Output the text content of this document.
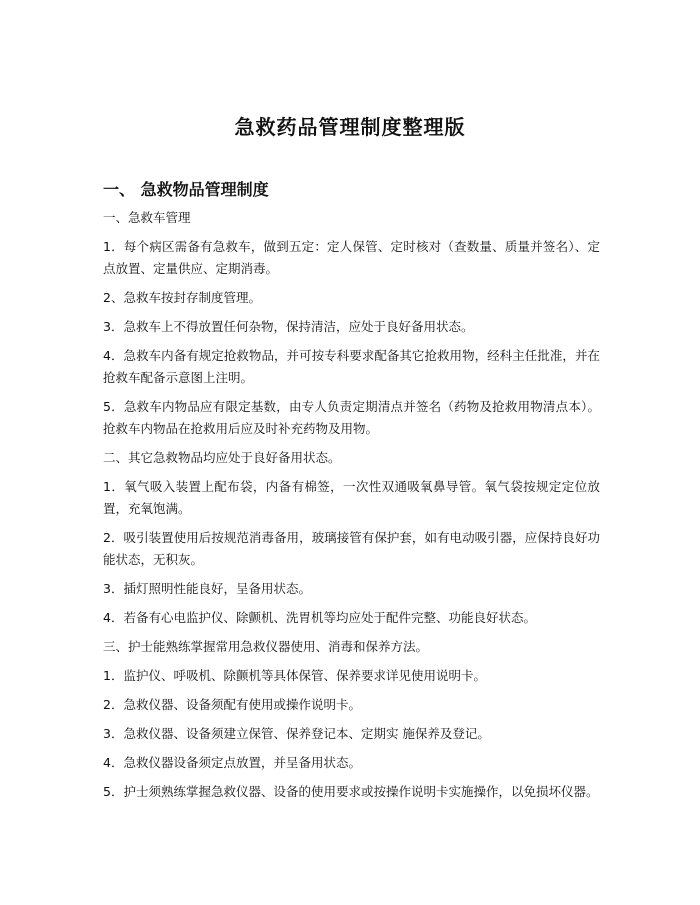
急救药品管理制度整理版
一、 急救物品管理制度

一、急救车管理

1．每个病区需备有急救车，做到五定：定人保管、定时核对（查数量、质量并签名）、定点放置、定量供应、定期消毒。

2、急救车按封存制度管理。

3．急救车上不得放置任何杂物，保持清洁，应处于良好备用状态。

4．急救车内备有规定抢救物品，并可按专科要求配备其它抢救用物，经科主任批准，并在抢救车配备示意图上注明。

5．急救车内物品应有限定基数，由专人负责定期清点并签名（药物及抢救用物清点本）。抢救车内物品在抢救用后应及时补充药物及用物。

二、其它急救物品均应处于良好备用状态。

1．氧气吸入装置上配布袋，内备有棉签，一次性双通吸氧鼻导管。氧气袋按规定定位放置，充氧饱满。

2．吸引装置使用后按规范消毒备用，玻璃接管有保护套，如有电动吸引器，应保持良好功能状态，无积灰。

3．插灯照明性能良好，呈备用状态。

4．若备有心电监护仪、除颤机、洗胃机等均应处于配件完整、功能良好状态。

三、护士能熟练掌握常用急救仪器使用、消毒和保养方法。

1．监护仪、呼吸机、除颤机等具体保管、保养要求详见使用说明卡。

2．急救仪器、设备须配有使用或操作说明卡。

3．急救仪器、设备须建立保管、保养登记本、定期实 施保养及登记。

4．急救仪器设备须定点放置，并呈备用状态。

5．护士须熟练掌握急救仪器、设备的使用要求或按操作说明卡实施操作，以免损坏仪器。
